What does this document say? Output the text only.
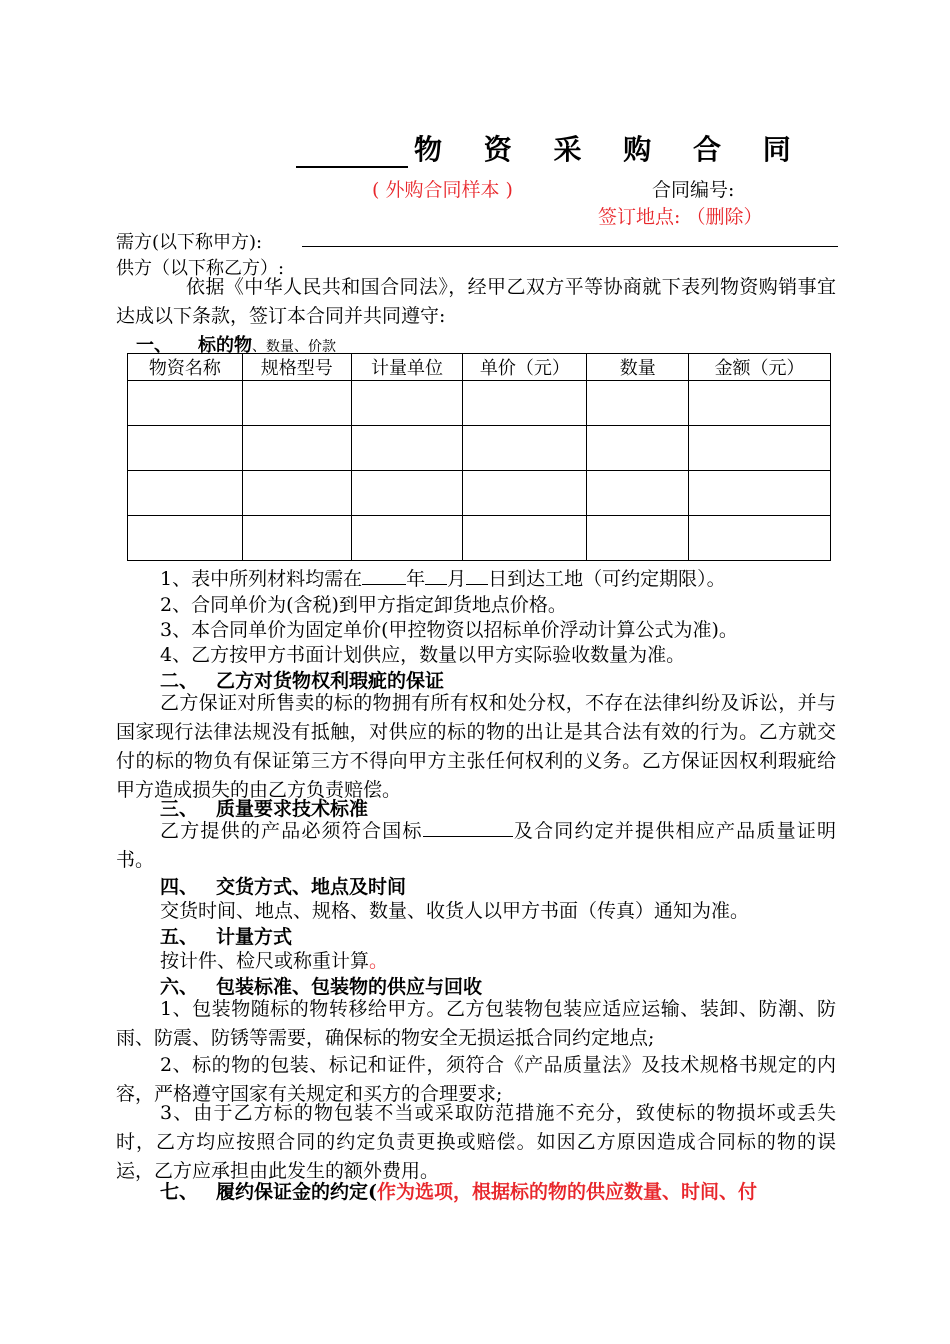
物 资 采 购 合 同
( 外购合同样本 )	合同编号:
签订地点: （删除）
需方(以下称甲方):
供方（以下称乙方）:
依据《中华人民共和国合同法》，经甲乙双方平等协商就下表列物资购销事宜达成以下条款，签订本合同并共同遵守:
一、 标的物、数量、价款
物资名称	规格型号	计量单位	单价（元）	数量	金额（元）

1、表中所列材料均需在 年 月 日到达工地（可约定期限）。
2、合同单价为(含税)到甲方指定卸货地点价格。
3、本合同单价为固定单价(甲控物资以招标单价浮动计算公式为准)。
4、乙方按甲方书面计划供应，数量以甲方实际验收数量为准。
二、 乙方对货物权利瑕疵的保证
乙方保证对所售卖的标的物拥有所有权和处分权，不存在法律纠纷及诉讼，并与国家现行法律法规没有抵触，对供应的标的物的出让是其合法有效的行为。乙方就交付的标的物负有保证第三方不得向甲方主张任何权利的义务。乙方保证因权利瑕疵给甲方造成损失的由乙方负责赔偿。
三、 质量要求技术标准
乙方提供的产品必须符合国标	及合同约定并提供相应产品质量证明书。
四、 交货方式、地点及时间
交货时间、地点、规格、数量、收货人以甲方书面（传真）通知为准。
五、 计量方式
按计件、检尺或称重计算。
六、 包装标准、包装物的供应与回收
1、包装物随标的物转移给甲方。乙方包装物包装应适应运输、装卸、防潮、防雨、防震、防锈等需要，确保标的物安全无损运抵合同约定地点;
2、标的物的包装、标记和证件，须符合《产品质量法》及技术规格书规定的内容，严格遵守国家有关规定和买方的合理要求;
3、由于乙方标的物包装不当或采取防范措施不充分，致使标的物损坏或丢失时，乙方均应按照合同的约定负责更换或赔偿。如因乙方原因造成合同标的物的误运，乙方应承担由此发生的额外费用。
七、 履约保证金的约定(作为选项，根据标的物的供应数量、时间、付
